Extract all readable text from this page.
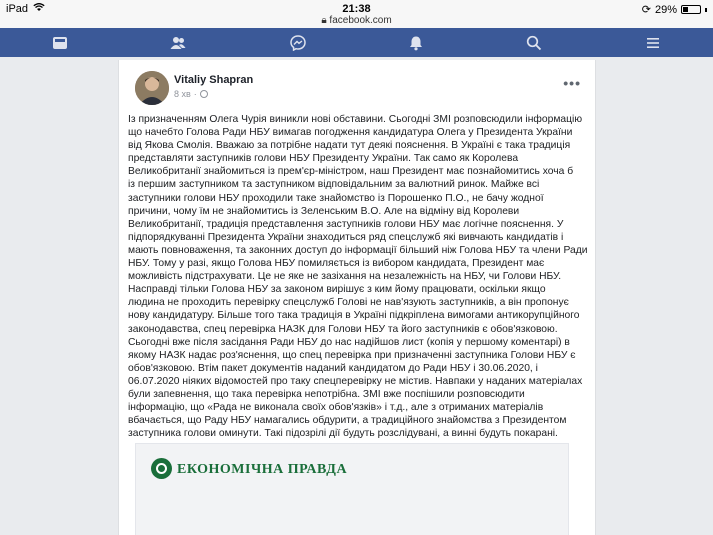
iPad	21:38
🔒︎ facebook.com
⟳ 29%
Vitaliy Shapran
8 хв ·
•••
Із призначенням Олега Чурія виникли нові обставини. Сьогодні ЗМІ розповсюдили інформацію
що начебто Голова Ради НБУ вимагав погодження кандидатура Олега у Президента України
від Якова Смолія. Вважаю за потрібне надати тут деякі пояснення. В Україні є така традиція
представляти заступників голови НБУ Президенту України. Так само як Королева
Великобританії знайомиться із прем'єр-міністром, наш Президент має познайомитись хоча б
із першим заступником та заступником відповідальним за валютний ринок. Майже всі
заступники голови НБУ проходили таке знайомство із Порошенко П.О., не бачу жодної
причини, чому їм не знайомитись із Зеленським В.О. Але на відміну від Королеви
Великобританії, традиція представлення заступників голови НБУ має логічне пояснення. У
підпорядкуванні Президента України знаходиться ряд спецслужб які вивчають кандидатів і
мають повноваження, та законних доступ до інформації більший ніж Голова НБУ та члени Ради
НБУ. Тому у разі, якщо Голова НБУ помиляється із вибором кандидата, Президент має
можливість підстрахувати. Це не яке не зазіхання на незалежність на НБУ, чи Голови НБУ.
Насправді тільки Голова НБУ за законом вирішує з ким йому працювати, оскільки якщо
людина не проходить перевірку спецслужб Голові не нав'язують заступників, а він пропонує
нову кандидатуру. Більше того така традиція в Україні підкріплена вимогами антикорупційного
законодавства, спец перевірка НАЗК для Голови НБУ та його заступників є обов'язковою.
Сьогодні вже після засідання Ради НБУ до нас надійшов лист (копія у першому коментарі) в
якому НАЗК надає роз'яснення, що спец перевірка при призначенні заступника Голови НБУ є
обов'язковою. Втім пакет документів наданий кандидатом до Ради НБУ і 30.06.2020, і
06.07.2020 ніяких відомостей про таку спецперевірку не містив. Навпаки у наданих матеріалах
були запевнення, що така перевірка непотрібна. ЗМІ вже поспішили розповсюдити
інформацію, що «Рада не виконала своїх обов'язків» і т.д., але з отриманих матеріалів
вбачається, що Раду НБУ намагались обдурити, а традиційного знайомства з Президентом
заступника голови оминути. Такі підозрілі дії будуть розслідувані, а винні будуть покарані.
ЕКОНОМІЧНА ПРАВДА
